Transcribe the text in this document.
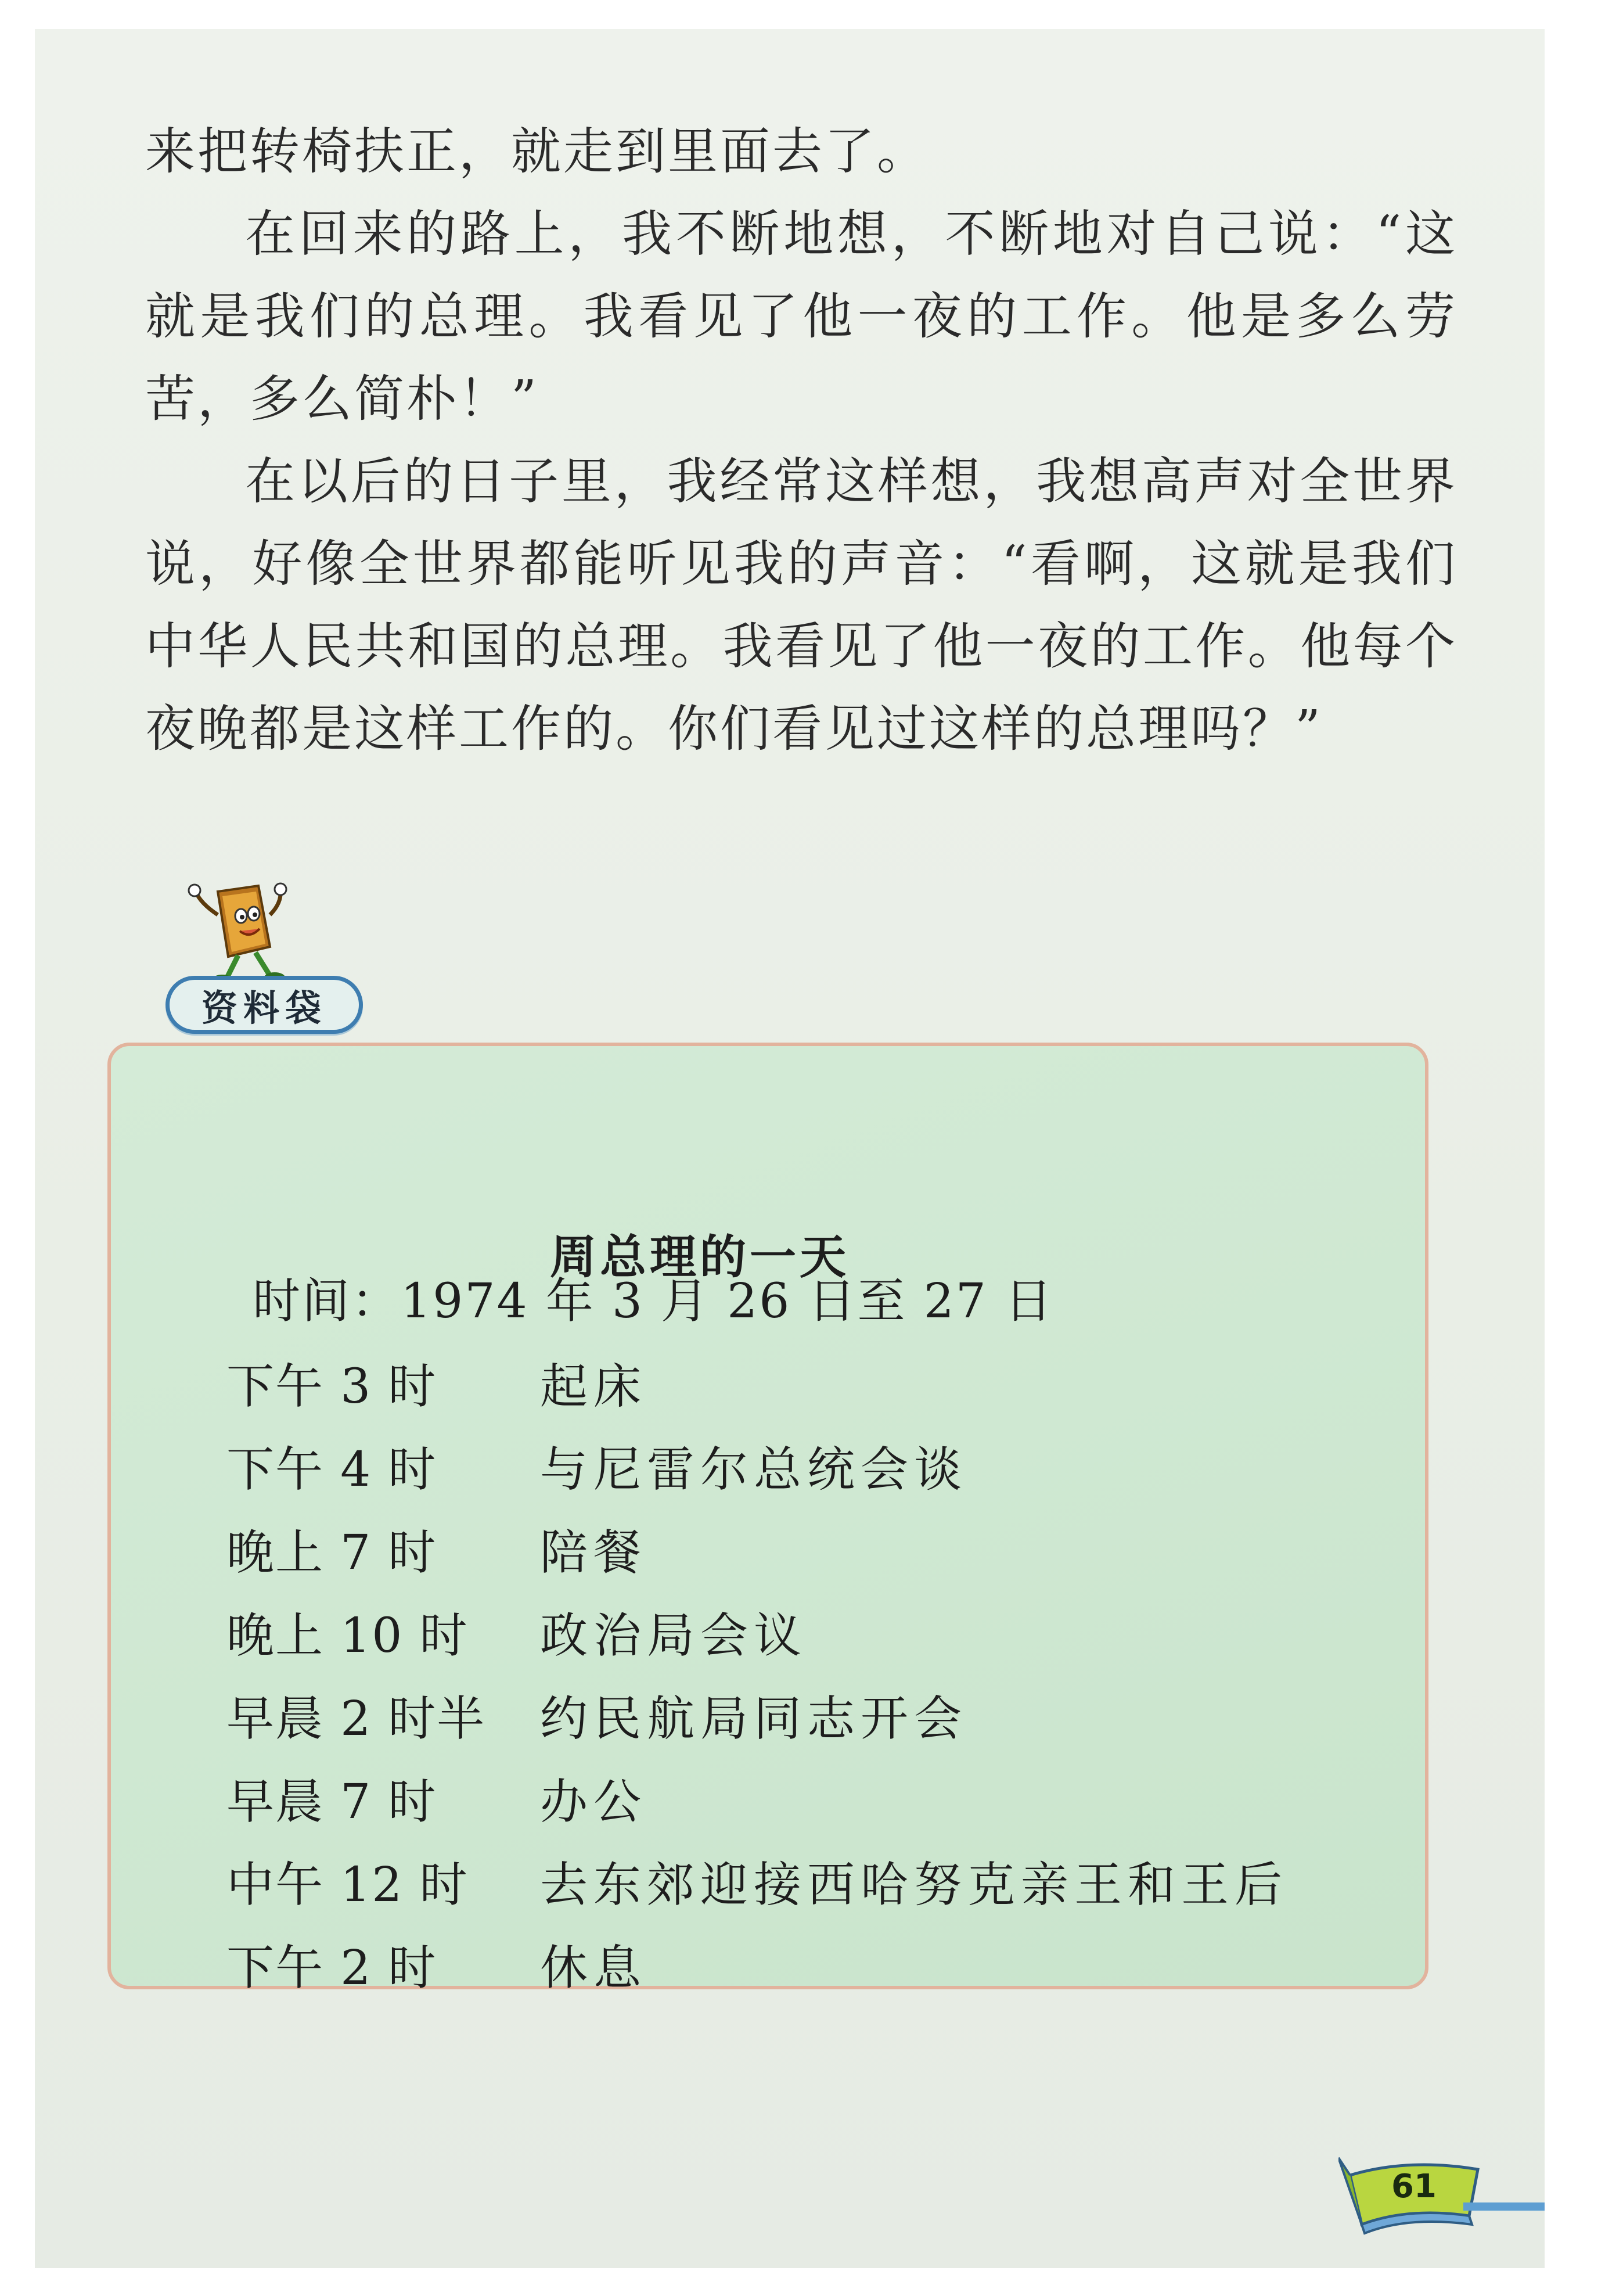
来把转椅扶正，就走到里面去了。

在回来的路上，我不断地想，不断地对自己说：“这就是我们的总理。我看见了他一夜的工作。他是多么劳苦，多么简朴！”

在以后的日子里，我经常这样想，我想高声对全世界说，好像全世界都能听见我的声音：“看啊，这就是我们中华人民共和国的总理。我看见了他一夜的工作。他每个夜晚都是这样工作的。你们看见过这样的总理吗？”

资料袋
周总理的一天
时间：1974 年 3 月 26 日至 27 日
下午 3 时 起床
下午 4 时 与尼雷尔总统会谈
晚上 7 时 陪餐
晚上 10 时 政治局会议
早晨 2 时半 约民航局同志开会
早晨 7 时 办公
中午 12 时 去东郊迎接西哈努克亲王和王后
下午 2 时 休息
61
